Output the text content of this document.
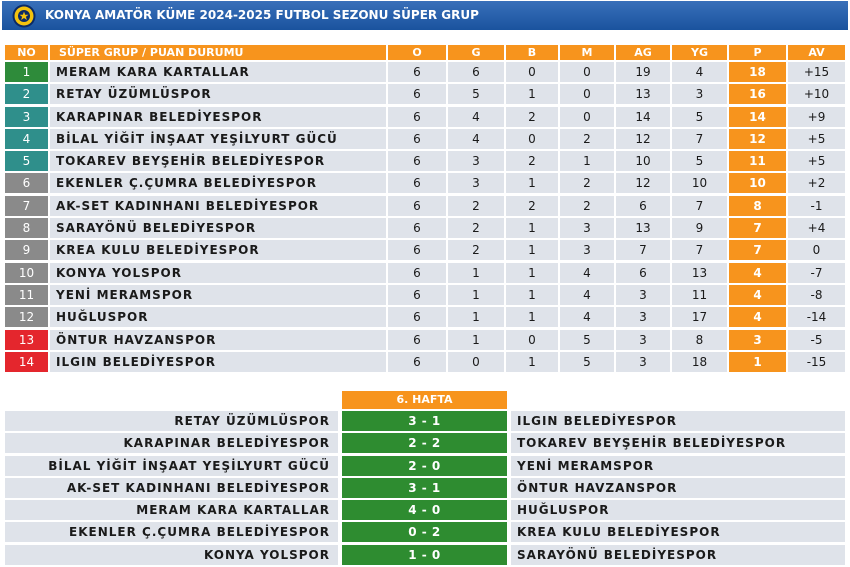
KONYA AMATÖR KÜME 2024-2025 FUTBOL SEZONU SÜPER GRUP
NO	SÜPER GRUP / PUAN DURUMU	O	G	B	M	AG	YG	P	AV
1	MERAM KARA KARTALLAR	6	6	0	0	19	4	18	+15
2	RETAY ÜZÜMLÜSPOR	6	5	1	0	13	3	16	+10
3	KARAPINAR BELEDİYESPOR	6	4	2	0	14	5	14	+9
4	BİLAL YİĞİT İNŞAAT YEŞİLYURT GÜCÜ	6	4	0	2	12	7	12	+5
5	TOKAREV BEYŞEHİR BELEDİYESPOR	6	3	2	1	10	5	11	+5
6	EKENLER Ç.ÇUMRA BELEDİYESPOR	6	3	1	2	12	10	10	+2
7	AK-SET KADINHANI BELEDİYESPOR	6	2	2	2	6	7	8	-1
8	SARAYÖNÜ BELEDİYESPOR	6	2	1	3	13	9	7	+4
9	KREA KULU BELEDİYESPOR	6	2	1	3	7	7	7	0
10	KONYA YOLSPOR	6	1	1	4	6	13	4	-7
11	YENİ MERAMSPOR	6	1	1	4	3	11	4	-8
12	HUĞLUSPOR	6	1	1	4	3	17	4	-14
13	ÖNTUR HAVZANSPOR	6	1	0	5	3	8	3	-5
14	ILGIN BELEDİYESPOR	6	0	1	5	3	18	1	-15
6. HAFTA
RETAY ÜZÜMLÜSPOR	3 - 1	ILGIN BELEDİYESPOR
KARAPINAR BELEDİYESPOR	2 - 2	TOKAREV BEYŞEHİR BELEDİYESPOR
BİLAL YİĞİT İNŞAAT YEŞİLYURT GÜCÜ	2 - 0	YENİ MERAMSPOR
AK-SET KADINHANI BELEDİYESPOR	3 - 1	ÖNTUR HAVZANSPOR
MERAM KARA KARTALLAR	4 - 0	HUĞLUSPOR
EKENLER Ç.ÇUMRA BELEDİYESPOR	0 - 2	KREA KULU BELEDİYESPOR
KONYA YOLSPOR	1 - 0	SARAYÖNÜ BELEDİYESPOR
